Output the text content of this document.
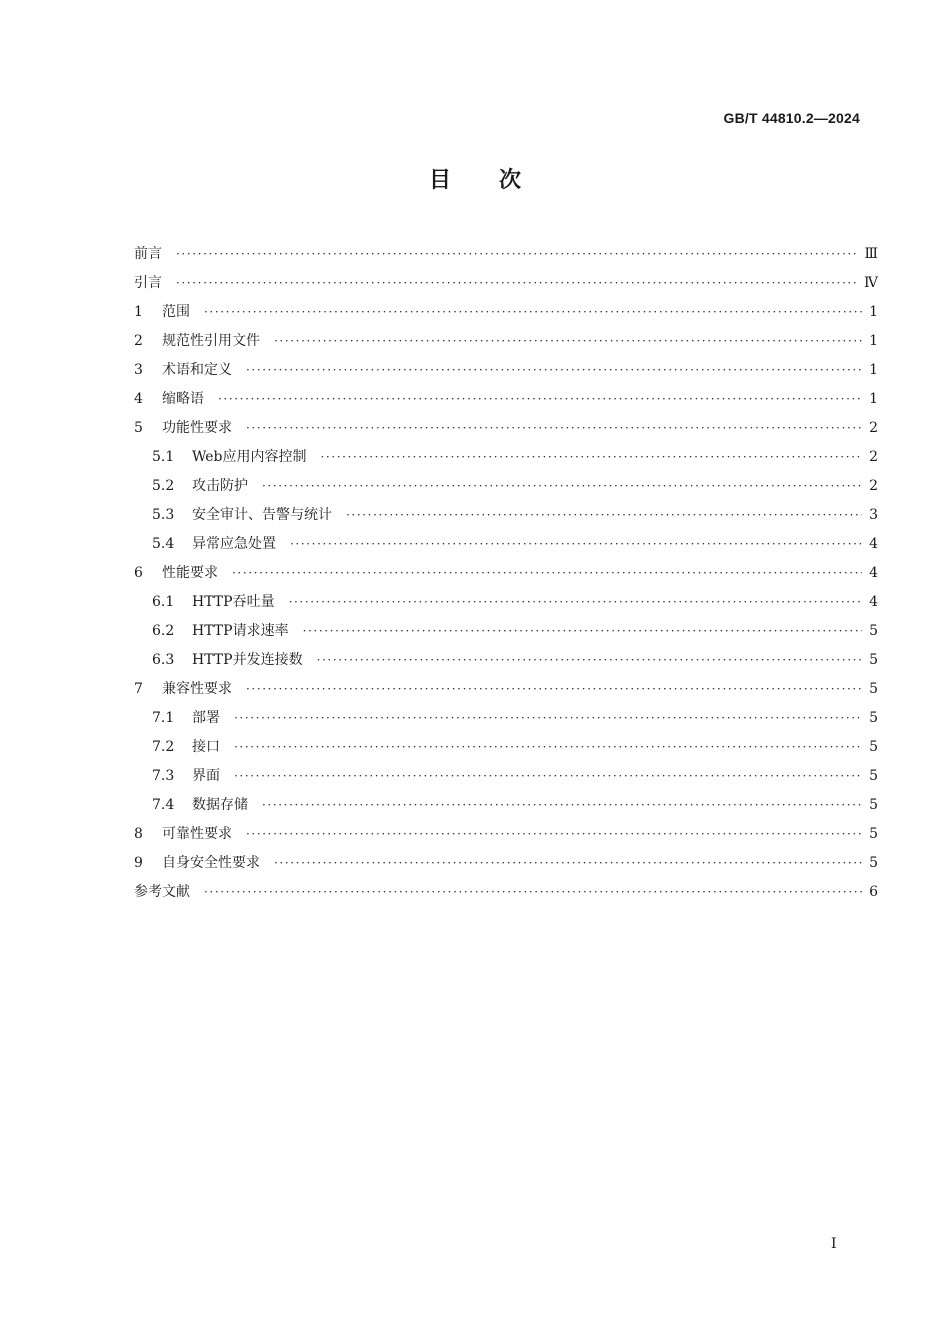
GB/T 44810.2—2024
目次
前言 ·····	Ⅲ
引言 ·····	Ⅳ
1	范围 ·····	1
2	规范性引用文件 ·····	1
3	术语和定义 ·····	1
4	缩略语 ·····	1
5	功能性要求 ·····	2
5.1	Web应用内容控制 ·····	2
5.2	攻击防护 ·····	2
5.3	安全审计、告警与统计 ·····	3
5.4	异常应急处置 ·····	4
6	性能要求 ·····	4
6.1	HTTP吞吐量 ·····	4
6.2	HTTP请求速率 ·····	5
6.3	HTTP并发连接数 ·····	5
7	兼容性要求 ·····	5
7.1	部署 ·····	5
7.2	接口 ·····	5
7.3	界面 ·····	5
7.4	数据存储 ·····	5
8	可靠性要求 ·····	5
9	自身安全性要求 ·····	5
参考文献 ·····	6
Ⅰ
